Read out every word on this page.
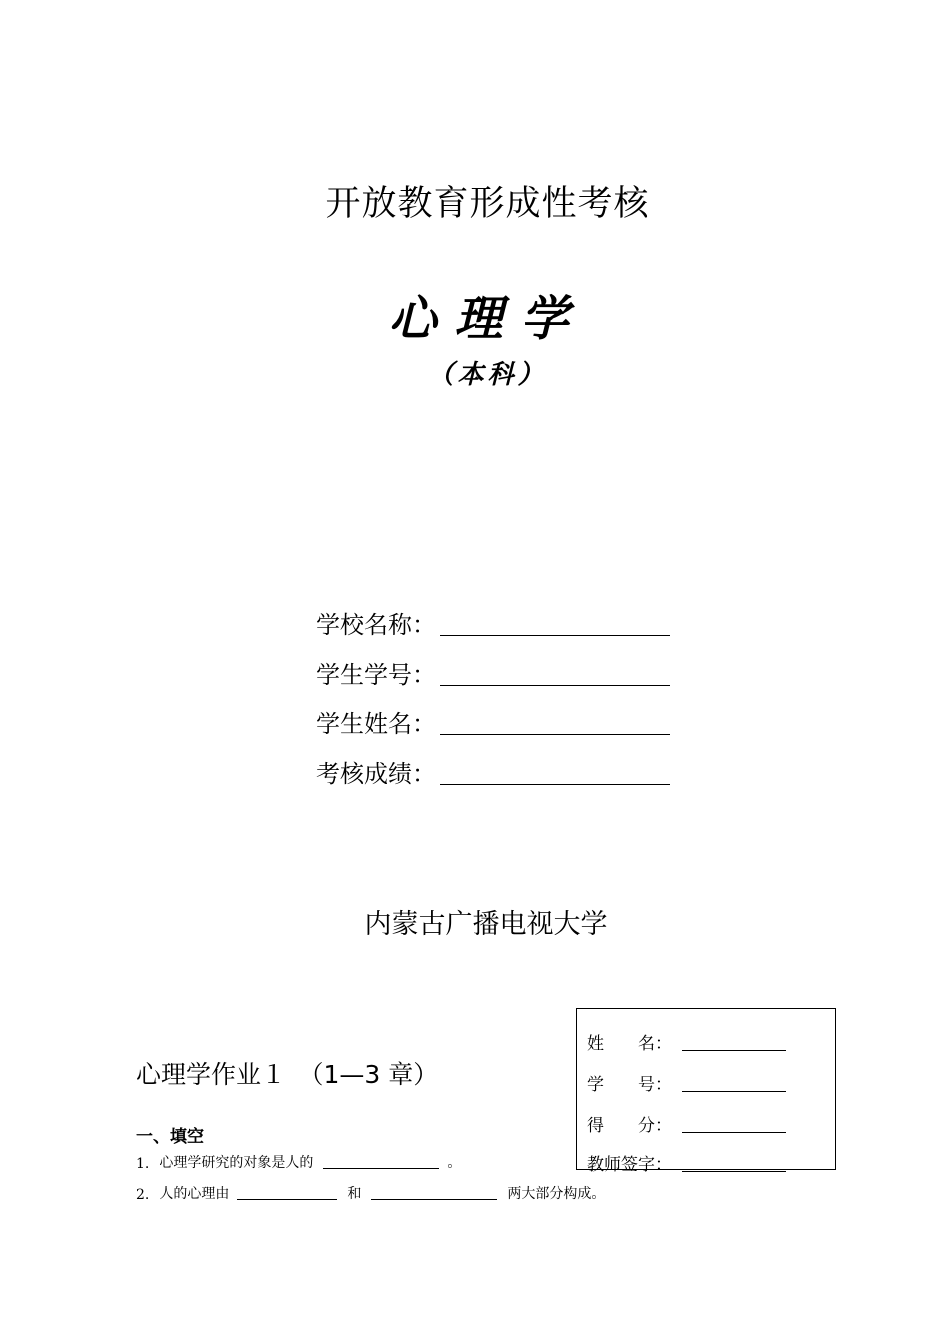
开放教育形成性考核
心理学
（本科）
学校名称：
学生学号：
学生姓名：
考核成绩：
内蒙古广播电视大学
姓　　名：
学　　号：
得　　分：
教师签字：
心理学作业１　（1—3 章）
一、填空
1. 心理学研究的对象是人的	。
2. 人的心理由	和	两大部分构成。
